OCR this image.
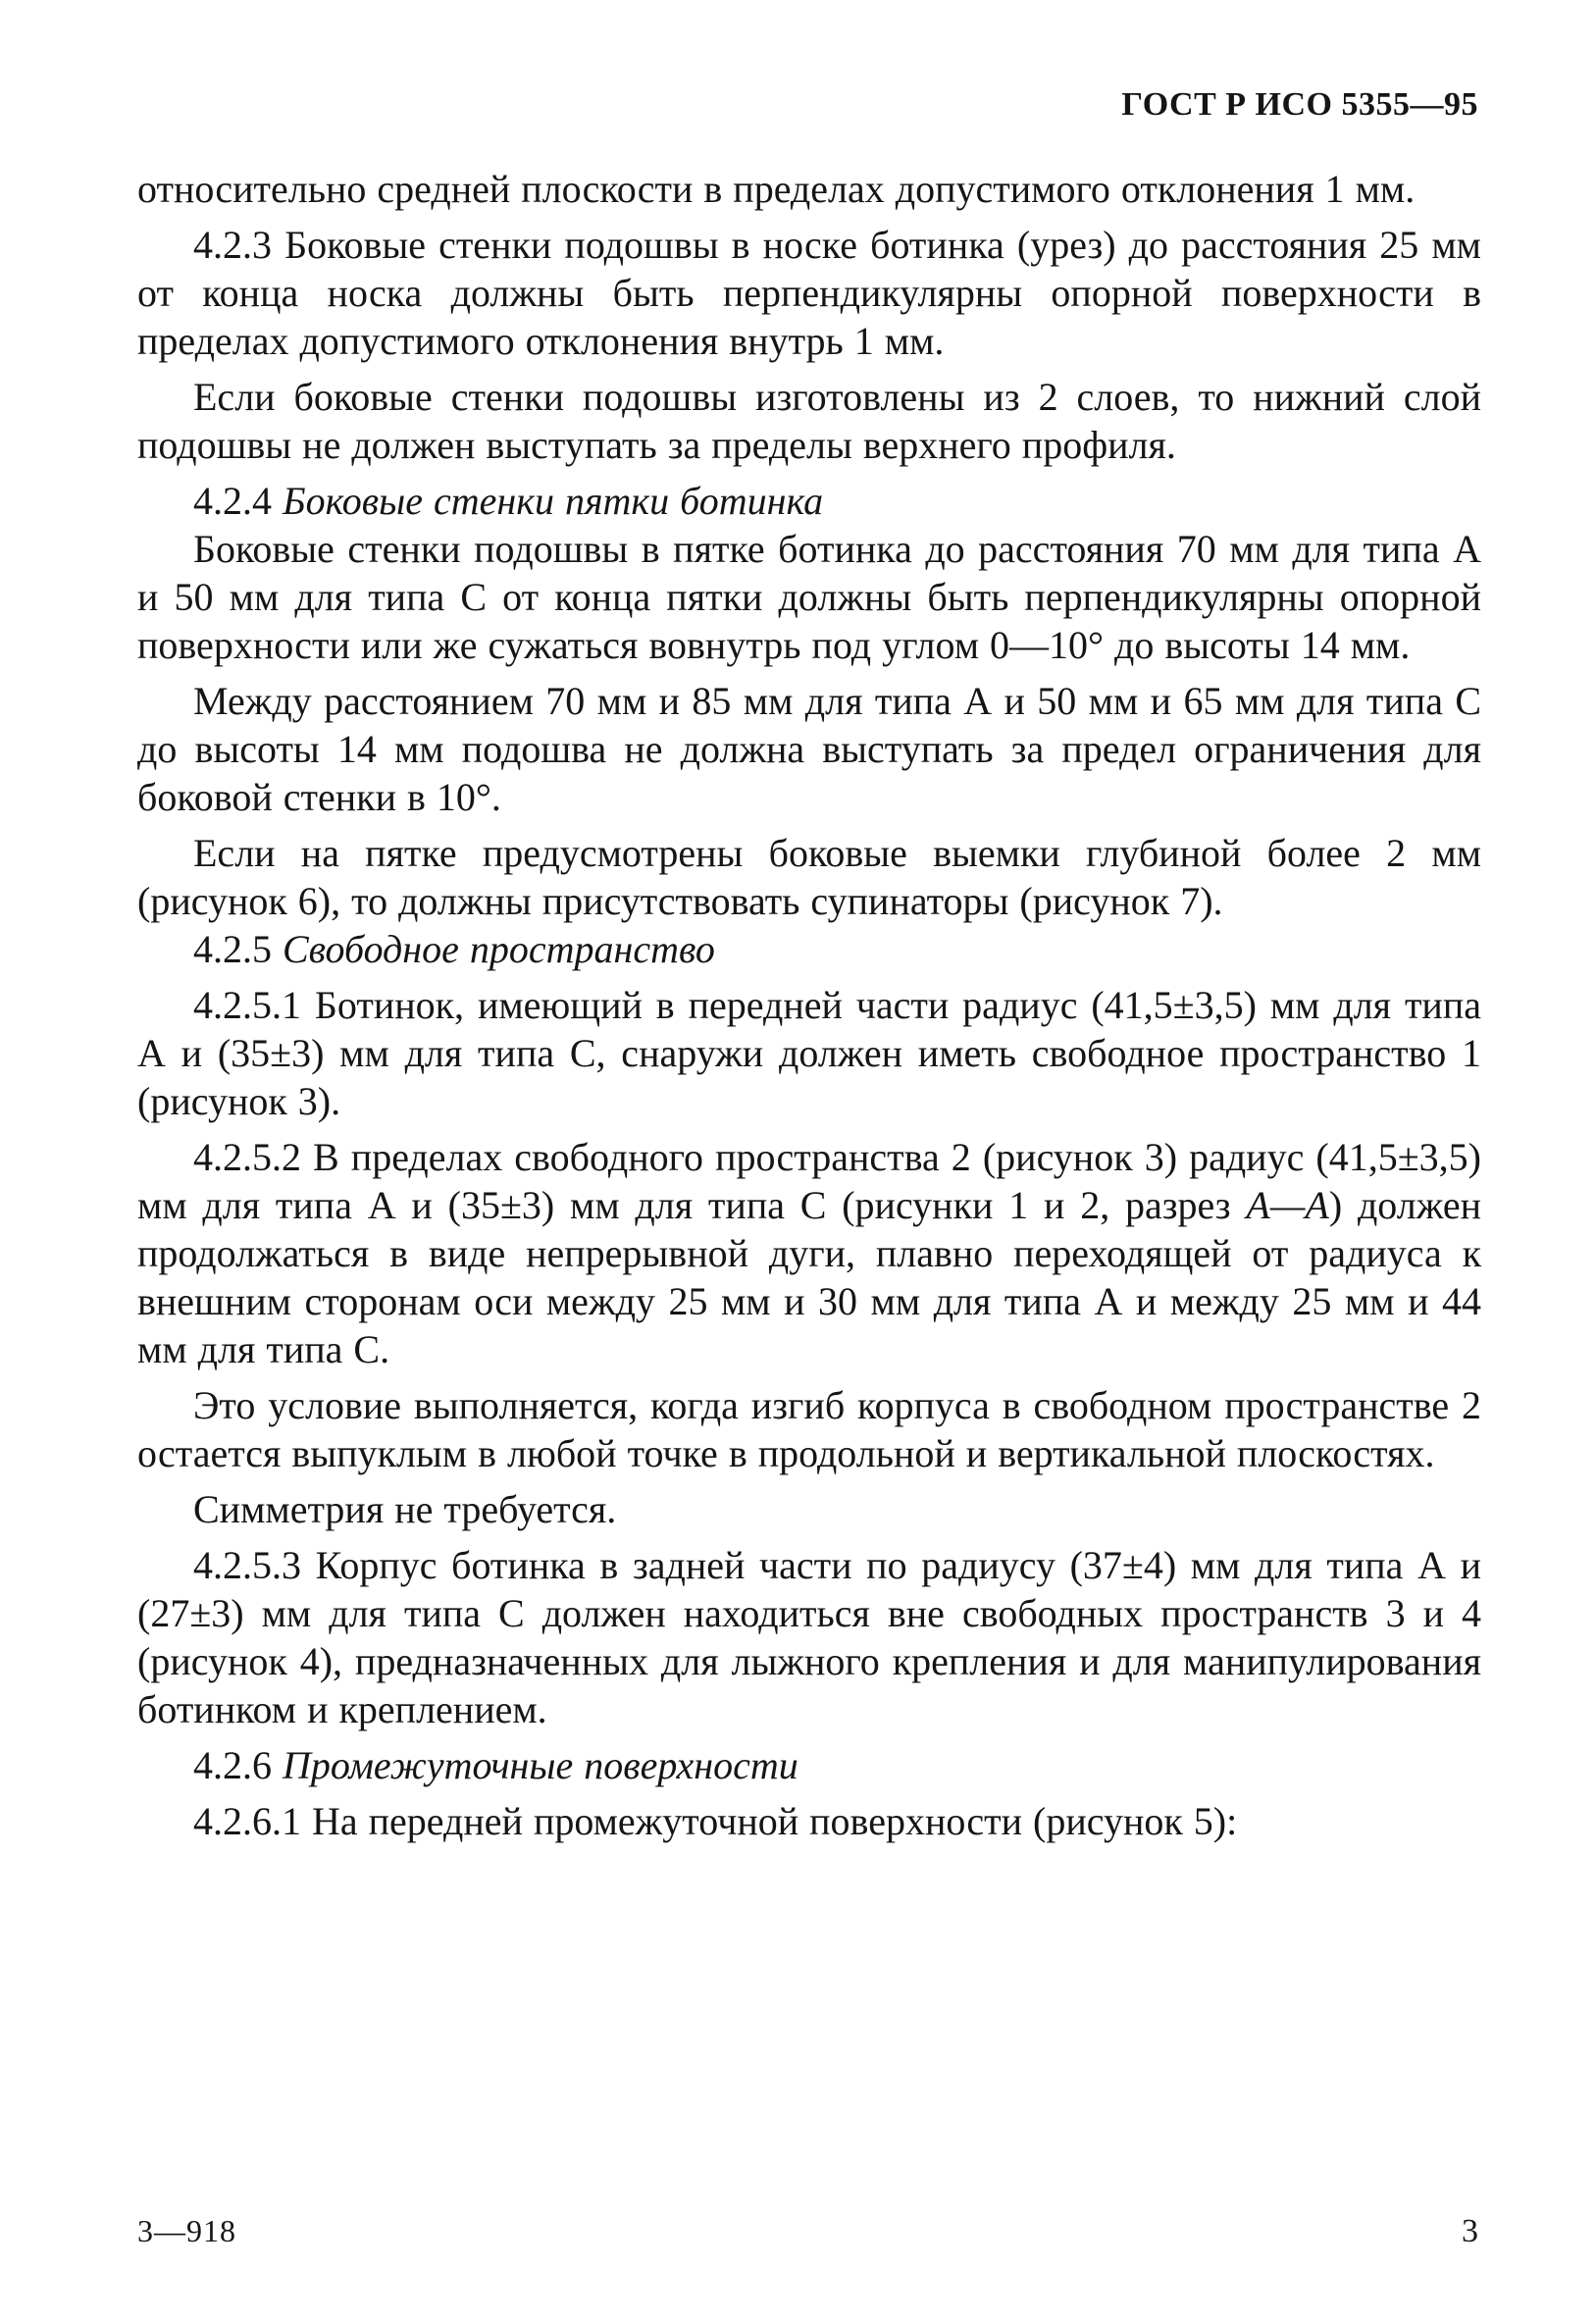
ГОСТ Р ИСО 5355—95

относительно средней плоскости в пределах допустимого отклонения 1 мм.

4.2.3 Боковые стенки подошвы в носке ботинка (урез) до расстояния 25 мм от конца носка должны быть перпендикулярны опорной поверхности в пределах допустимого отклонения внутрь 1 мм.

Если боковые стенки подошвы изготовлены из 2 слоев, то нижний слой подошвы не должен выступать за пределы верхнего профиля.

4.2.4 Боковые стенки пятки ботинка

Боковые стенки подошвы в пятке ботинка до расстояния 70 мм для типа А и 50 мм для типа С от конца пятки должны быть перпендикулярны опорной поверхности или же сужаться вовнутрь под углом 0—10° до высоты 14 мм.

Между расстоянием 70 мм и 85 мм для типа А и 50 мм и 65 мм для типа С до высоты 14 мм подошва не должна выступать за предел ограничения для боковой стенки в 10°.

Если на пятке предусмотрены боковые выемки глубиной более 2 мм (рисунок 6), то должны присутствовать супинаторы (рисунок 7).

4.2.5 Свободное пространство

4.2.5.1 Ботинок, имеющий в передней части радиус (41,5±3,5) мм для типа А и (35±3) мм для типа С, снаружи должен иметь свободное пространство 1 (рисунок 3).

4.2.5.2 В пределах свободного пространства 2 (рисунок 3) радиус (41,5±3,5) мм для типа А и (35±3) мм для типа С (рисунки 1 и 2, разрез А—А) должен продолжаться в виде непрерывной дуги, плавно переходящей от радиуса к внешним сторонам оси между 25 мм и 30 мм для типа А и между 25 мм и 44 мм для типа С.

Это условие выполняется, когда изгиб корпуса в свободном пространстве 2 остается выпуклым в любой точке в продольной и вертикальной плоскостях.

Симметрия не требуется.

4.2.5.3 Корпус ботинка в задней части по радиусу (37±4) мм для типа А и (27±3) мм для типа С должен находиться вне свободных пространств 3 и 4 (рисунок 4), предназначенных для лыжного крепления и для манипулирования ботинком и креплением.

4.2.6 Промежуточные поверхности

4.2.6.1 На передней промежуточной поверхности (рисунок 5):

3—918	3
